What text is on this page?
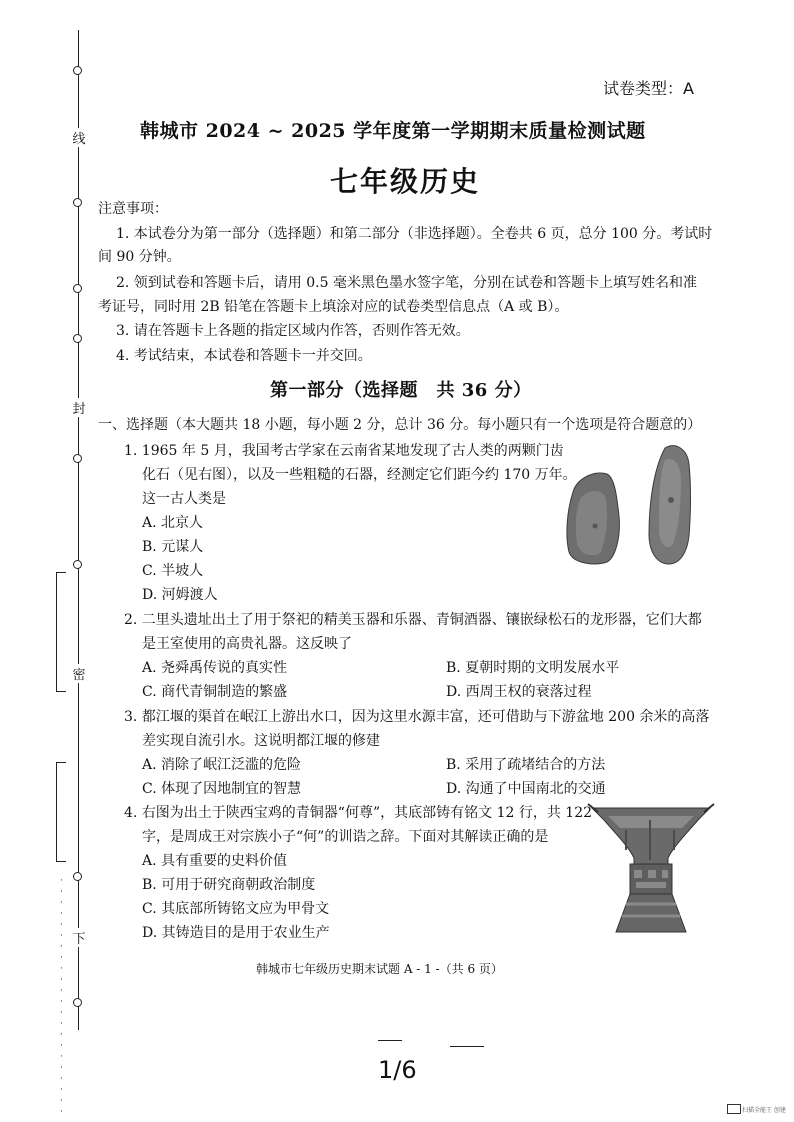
线
封
密
下
· · · · · · · · · · · · · · · · · · · · · ·
试卷类型：A
韩城市 2024 ~ 2025 学年度第一学期期末质量检测试题
七年级历史
注意事项：
1. 本试卷分为第一部分（选择题）和第二部分（非选择题）。全卷共 6 页，总分 100 分。考试时
间 90 分钟。
2. 领到试卷和答题卡后，请用 0.5 毫米黑色墨水签字笔，分别在试卷和答题卡上填写姓名和准
考证号，同时用 2B 铅笔在答题卡上填涂对应的试卷类型信息点（A 或 B）。
3. 请在答题卡上各题的指定区域内作答，否则作答无效。
4. 考试结束，本试卷和答题卡一并交回。
第一部分（选择题　共 36 分）
一、选择题（本大题共 18 小题，每小题 2 分，总计 36 分。每小题只有一个选项是符合题意的）
1. 1965 年 5 月，我国考古学家在云南省某地发现了古人类的两颗门齿
化石（见右图），以及一些粗糙的石器，经测定它们距今约 170 万年。
这一古人类是
A. 北京人
B. 元谋人
C. 半坡人
D. 河姆渡人
2. 二里头遗址出土了用于祭祀的精美玉器和乐器、青铜酒器、镶嵌绿松石的龙形器，它们大都
是王室使用的高贵礼器。这反映了
A. 尧舜禹传说的真实性	B. 夏朝时期的文明发展水平
C. 商代青铜制造的繁盛	D. 西周王权的衰落过程
3. 都江堰的渠首在岷江上游出水口，因为这里水源丰富，还可借助与下游盆地 200 余米的高落
差实现自流引水。这说明都江堰的修建
A. 消除了岷江泛滥的危险	B. 采用了疏堵结合的方法
C. 体现了因地制宜的智慧	D. 沟通了中国南北的交通
4. 右图为出土于陕西宝鸡的青铜器“何尊”，其底部铸有铭文 12 行，共 122
字，是周成王对宗族小子“何”的训诰之辞。下面对其解读正确的是
A. 具有重要的史料价值
B. 可用于研究商朝政治制度
C. 其底部所铸铭文应为甲骨文
D. 其铸造目的是用于农业生产
韩城市七年级历史期末试题 A - 1 -（共 6 页）
1/6
扫描全能王 创建
